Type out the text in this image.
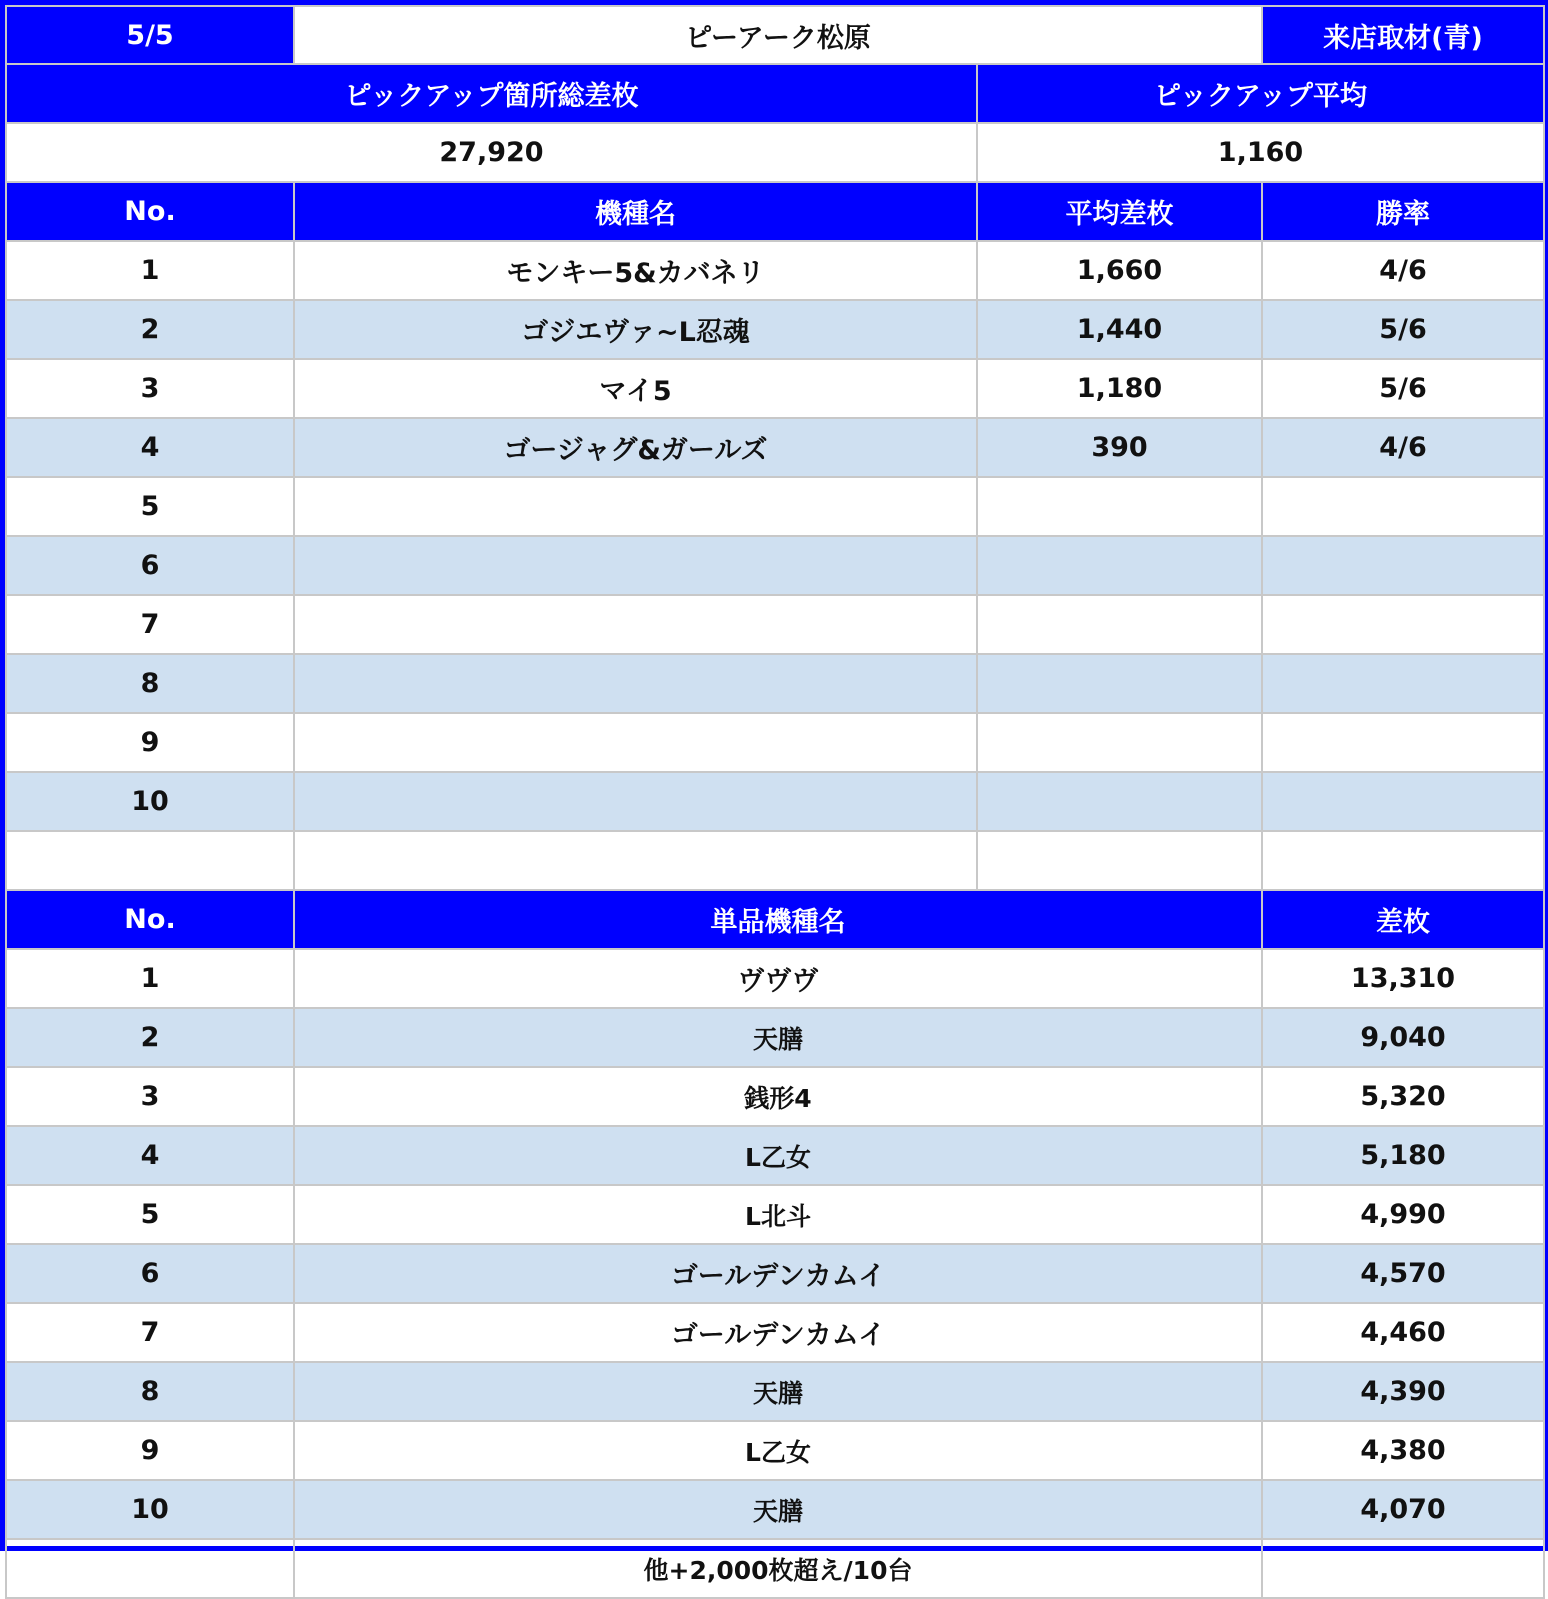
5/5	ピーアーク松原		来店取材(青)
ピックアップ箇所総差枚		ピックアップ平均	
27,920		1,160	
No.	機種名	平均差枚	勝率
1	モンキー5&カバネリ	1,660	4/6
2	ゴジエヴァ~L忍魂	1,440	5/6
3	マイ5	1,180	5/6
4	ゴージャグ&ガールズ	390	4/6
5			
6			
7			
8			
9			
10			

No.	単品機種名		差枚
1	ヴヴヴ		13,310
2	天膳		9,040
3	銭形4		5,320
4	L乙女		5,180
5	L北斗		4,990
6	ゴールデンカムイ		4,570
7	ゴールデンカムイ		4,460
8	天膳		4,390
9	L乙女		4,380
10	天膳		4,070
	他+2,000枚超え/10台		
